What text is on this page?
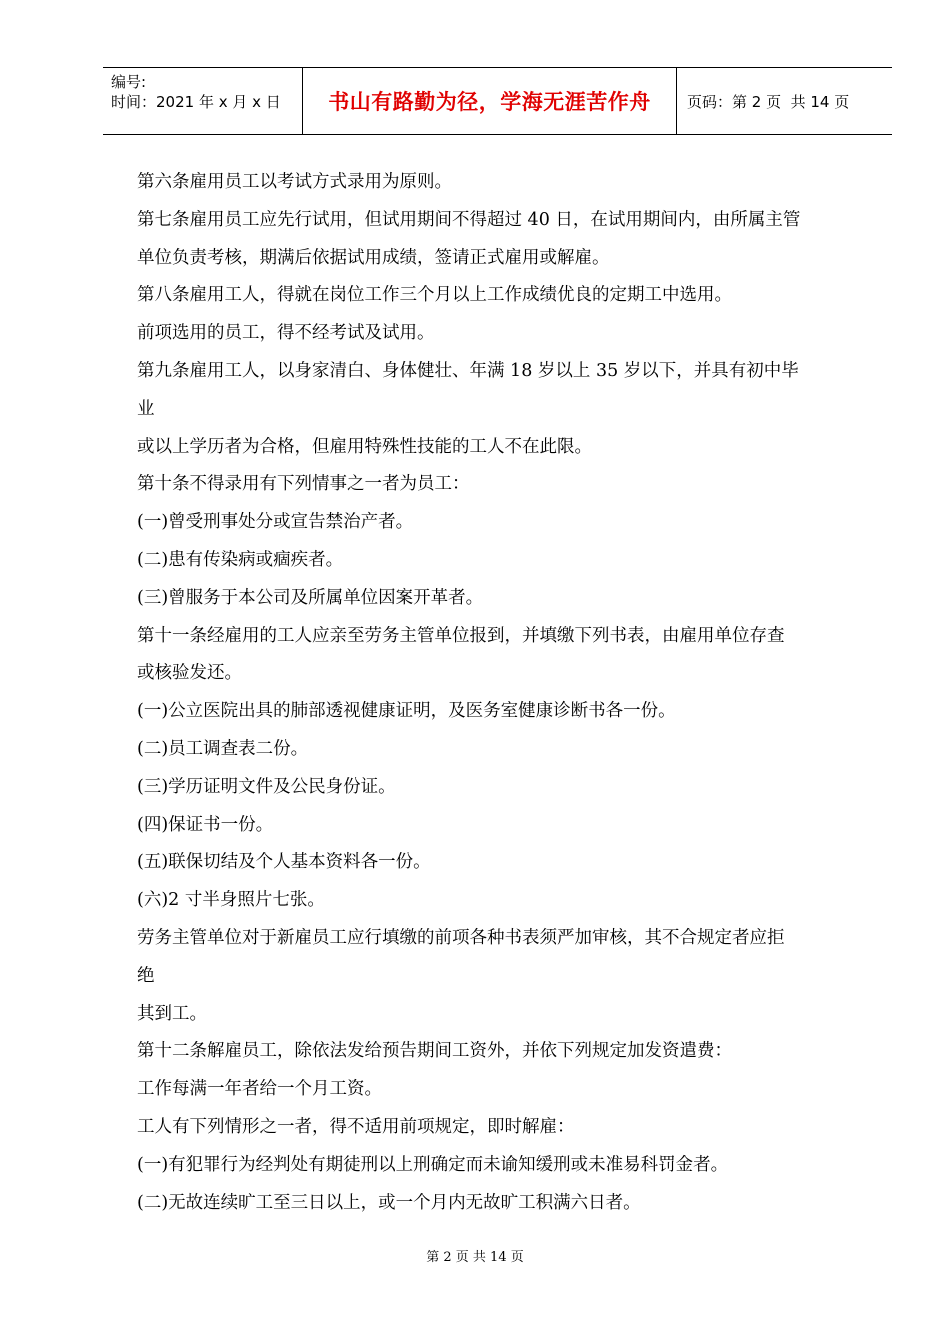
编号:
时间：2021 年 x 月 x 日	书山有路勤为径，学海无涯苦作舟	页码：第 2 页  共 14 页
第六条雇用员工以考试方式录用为原则。
第七条雇用员工应先行试用，但试用期间不得超过 40 日，在试用期间内，由所属主管
单位负责考核，期满后依据试用成绩，签请正式雇用或解雇。
第八条雇用工人，得就在岗位工作三个月以上工作成绩优良的定期工中选用。
前项选用的员工，得不经考试及试用。
第九条雇用工人，以身家清白、身体健壮、年满 18 岁以上 35 岁以下，并具有初中毕
业
或以上学历者为合格，但雇用特殊性技能的工人不在此限。
第十条不得录用有下列情事之一者为员工：
(一)曾受刑事处分或宣告禁治产者。
(二)患有传染病或痼疾者。
(三)曾服务于本公司及所属单位因案开革者。
第十一条经雇用的工人应亲至劳务主管单位报到，并填缴下列书表，由雇用单位存查
或核验发还。
(一)公立医院出具的肺部透视健康证明，及医务室健康诊断书各一份。
(二)员工调查表二份。
(三)学历证明文件及公民身份证。
(四)保证书一份。
(五)联保切结及个人基本资料各一份。
(六)2 寸半身照片七张。
劳务主管单位对于新雇员工应行填缴的前项各种书表须严加审核，其不合规定者应拒
绝
其到工。
第十二条解雇员工，除依法发给预告期间工资外，并依下列规定加发资遣费：
工作每满一年者给一个月工资。
工人有下列情形之一者，得不适用前项规定，即时解雇：
(一)有犯罪行为经判处有期徒刑以上刑确定而未谕知缓刑或未准易科罚金者。
(二)无故连续旷工至三日以上，或一个月内无故旷工积满六日者。
第 2 页 共 14 页
